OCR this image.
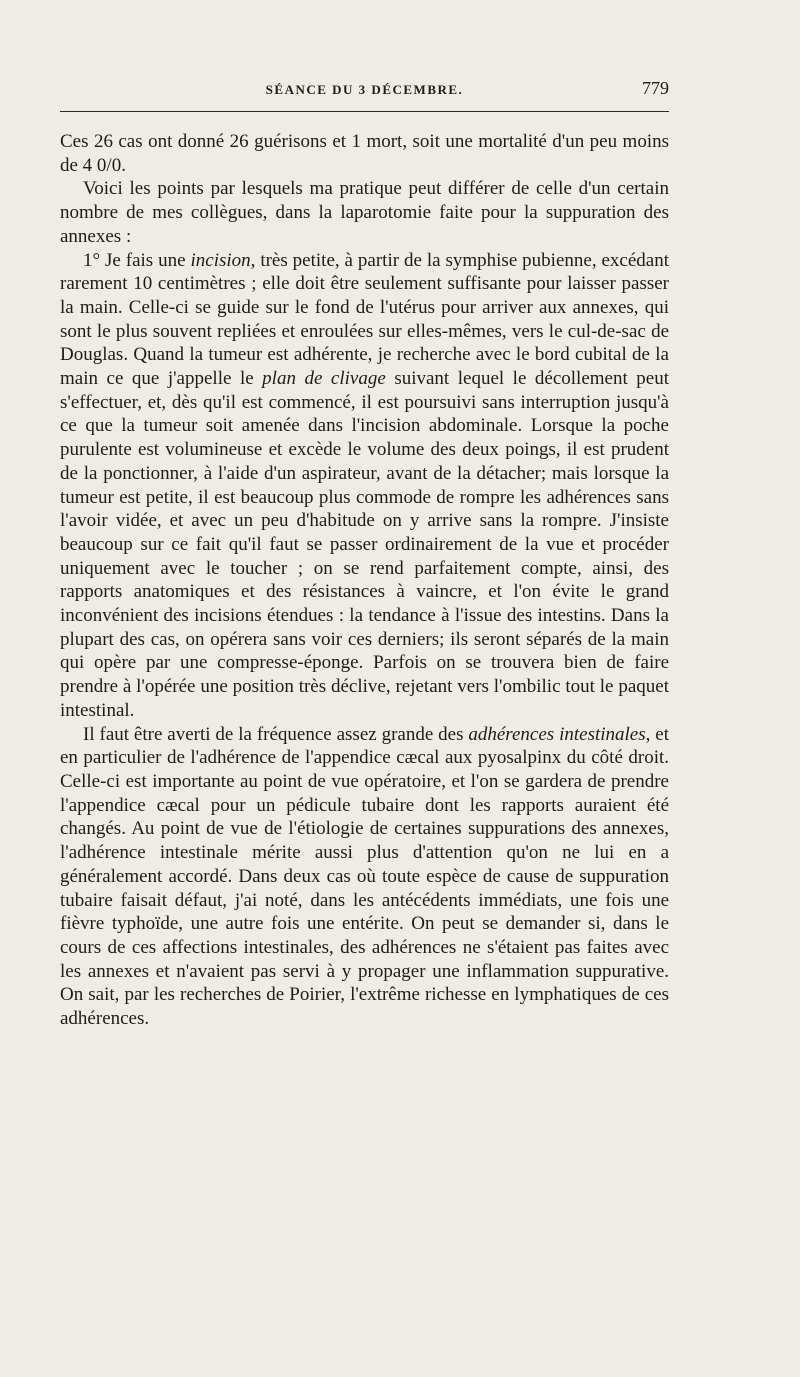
SÉANCE DU 3 DÉCEMBRE.	779

Ces 26 cas ont donné 26 guérisons et 1 mort, soit une mortalité d'un peu moins de 4 0/0.

Voici les points par lesquels ma pratique peut différer de celle d'un certain nombre de mes collègues, dans la laparotomie faite pour la suppuration des annexes :

1° Je fais une incision, très petite, à partir de la symphise pubienne, excédant rarement 10 centimètres ; elle doit être seulement suffisante pour laisser passer la main. Celle-ci se guide sur le fond de l'utérus pour arriver aux annexes, qui sont le plus souvent repliées et enroulées sur elles-mêmes, vers le cul-de-sac de Douglas. Quand la tumeur est adhérente, je recherche avec le bord cubital de la main ce que j'appelle le plan de clivage suivant lequel le décollement peut s'effectuer, et, dès qu'il est commencé, il est poursuivi sans interruption jusqu'à ce que la tumeur soit amenée dans l'incision abdominale. Lorsque la poche purulente est volumineuse et excède le volume des deux poings, il est prudent de la ponctionner, à l'aide d'un aspirateur, avant de la détacher; mais lorsque la tumeur est petite, il est beaucoup plus commode de rompre les adhérences sans l'avoir vidée, et avec un peu d'habitude on y arrive sans la rompre. J'insiste beaucoup sur ce fait qu'il faut se passer ordinairement de la vue et procéder uniquement avec le toucher ; on se rend parfaitement compte, ainsi, des rapports anatomiques et des résistances à vaincre, et l'on évite le grand inconvénient des incisions étendues : la tendance à l'issue des intestins. Dans la plupart des cas, on opérera sans voir ces derniers; ils seront séparés de la main qui opère par une compresse-éponge. Parfois on se trouvera bien de faire prendre à l'opérée une position très déclive, rejetant vers l'ombilic tout le paquet intestinal.

Il faut être averti de la fréquence assez grande des adhérences intestinales, et en particulier de l'adhérence de l'appendice cæcal aux pyosalpinx du côté droit. Celle-ci est importante au point de vue opératoire, et l'on se gardera de prendre l'appendice cæcal pour un pédicule tubaire dont les rapports auraient été changés. Au point de vue de l'étiologie de certaines suppurations des annexes, l'adhérence intestinale mérite aussi plus d'attention qu'on ne lui en a généralement accordé. Dans deux cas où toute espèce de cause de suppuration tubaire faisait défaut, j'ai noté, dans les antécédents immédiats, une fois une fièvre typhoïde, une autre fois une entérite. On peut se demander si, dans le cours de ces affections intestinales, des adhérences ne s'étaient pas faites avec les annexes et n'avaient pas servi à y propager une inflammation suppurative. On sait, par les recherches de Poirier, l'extrême richesse en lymphatiques de ces adhérences.
